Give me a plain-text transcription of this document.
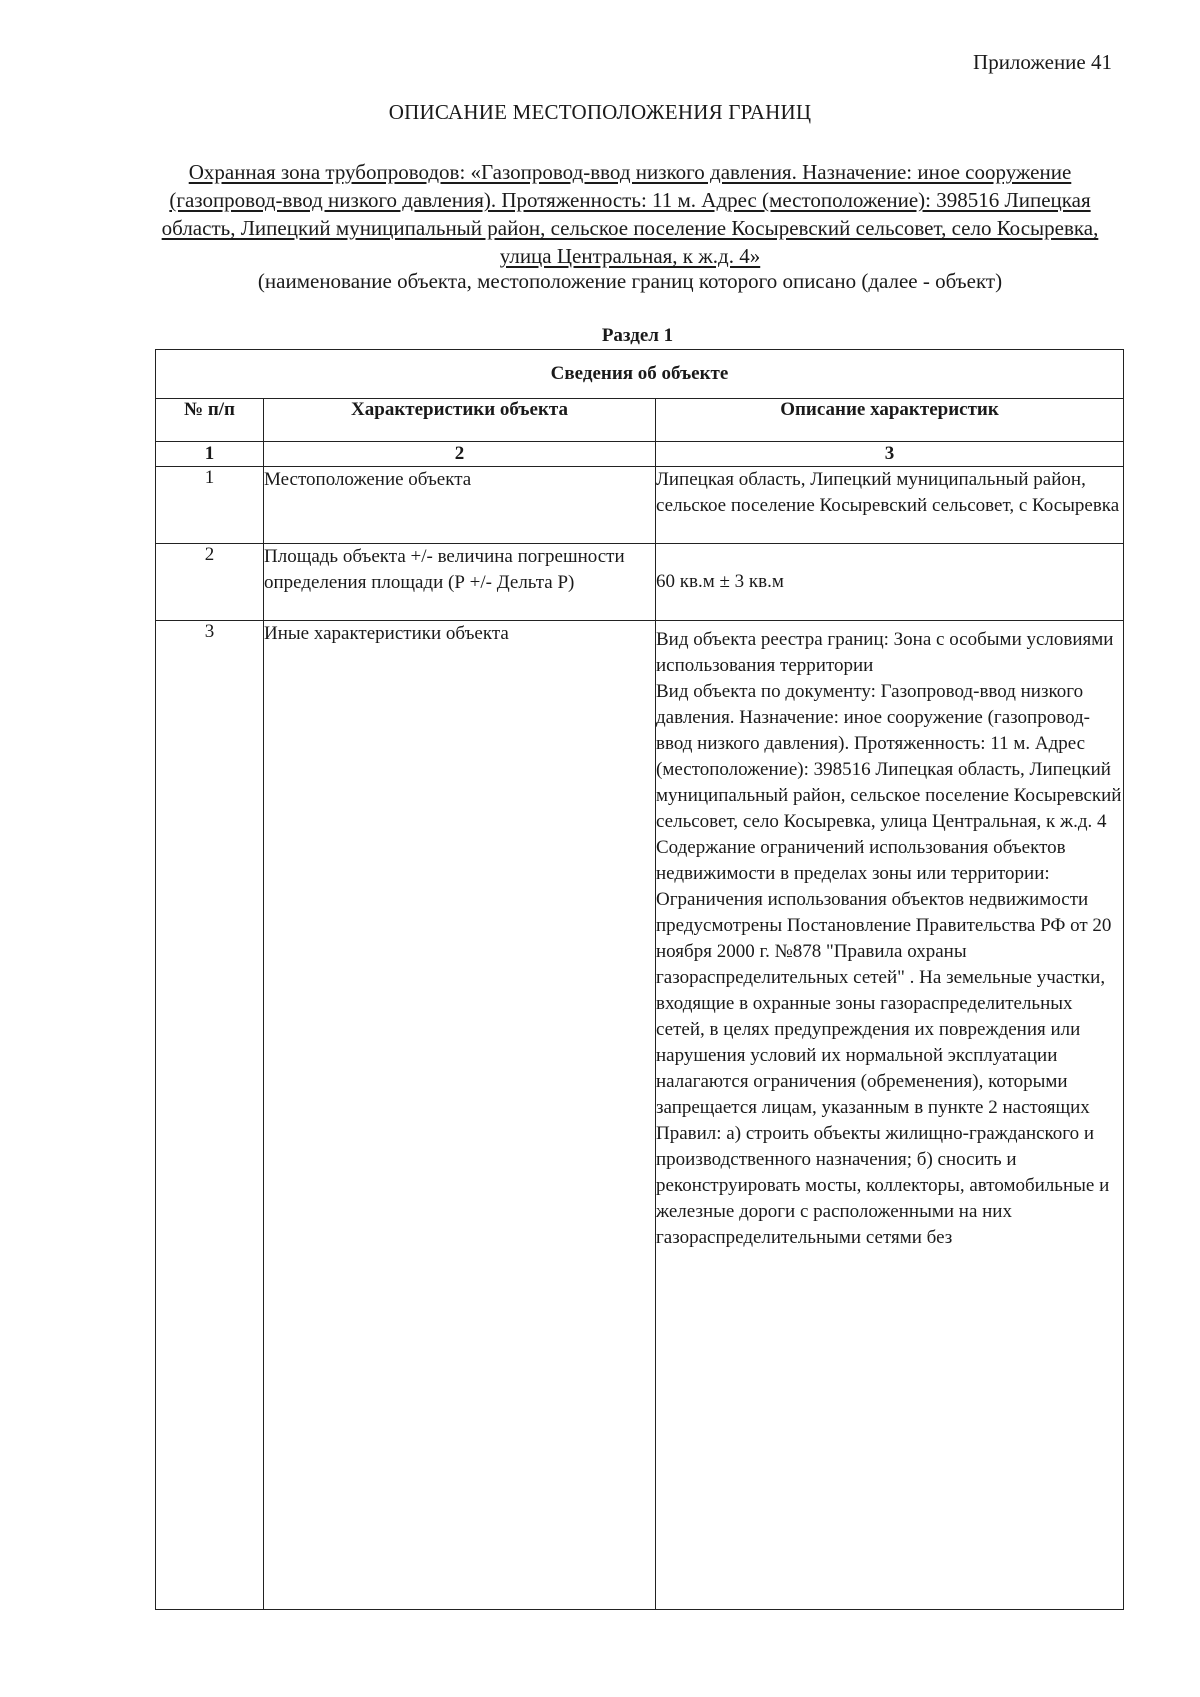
Приложение 41
ОПИСАНИЕ МЕСТОПОЛОЖЕНИЯ ГРАНИЦ
Охранная зона трубопроводов: «Газопровод-ввод низкого давления. Назначение: иное сооружение (газопровод-ввод низкого давления). Протяженность: 11 м. Адрес (местоположение): 398516 Липецкая область, Липецкий муниципальный район, сельское поселение Косыревский сельсовет, село Косыревка, улица Центральная, к ж.д. 4»
(наименование объекта, местоположение границ которого описано (далее - объект)
Раздел 1
Сведения об объекте		
№ п/п	Характеристики объекта	Описание характеристик
1	2	3
1	Местоположение объекта	Липецкая область, Липецкий муниципальный район, сельское поселение Косыревский сельсовет, с Косыревка
2	Площадь объекта +/- величина погрешности определения площади (Р +/- Дельта Р)	60 кв.м ± 3 кв.м
3	Иные характеристики объекта	Вид объекта реестра границ: Зона с особыми условиями использования территории
Вид объекта по документу: Газопровод-ввод низкого давления. Назначение: иное сооружение (газопровод-ввод низкого давления). Протяженность: 11 м. Адрес (местоположение): 398516 Липецкая область, Липецкий муниципальный район, сельское поселение Косыревский сельсовет, село Косыревка, улица Центральная, к ж.д. 4
Содержание ограничений использования объектов недвижимости в пределах зоны или территории: Ограничения использования объектов недвижимости предусмотрены Постановление Правительства РФ от 20 ноября 2000 г. №878 "Правила охраны газораспределительных сетей" . На земельные участки, входящие в охранные зоны газораспределительных сетей, в целях предупреждения их повреждения или нарушения условий их нормальной эксплуатации налагаются ограничения (обременения), которыми запрещается лицам, указанным в пункте 2 настоящих Правил: а) строить объекты жилищно-гражданского и производственного назначения; б) сносить и реконструировать мосты, коллекторы, автомобильные и железные дороги с расположенными на них газораспределительными сетями без
